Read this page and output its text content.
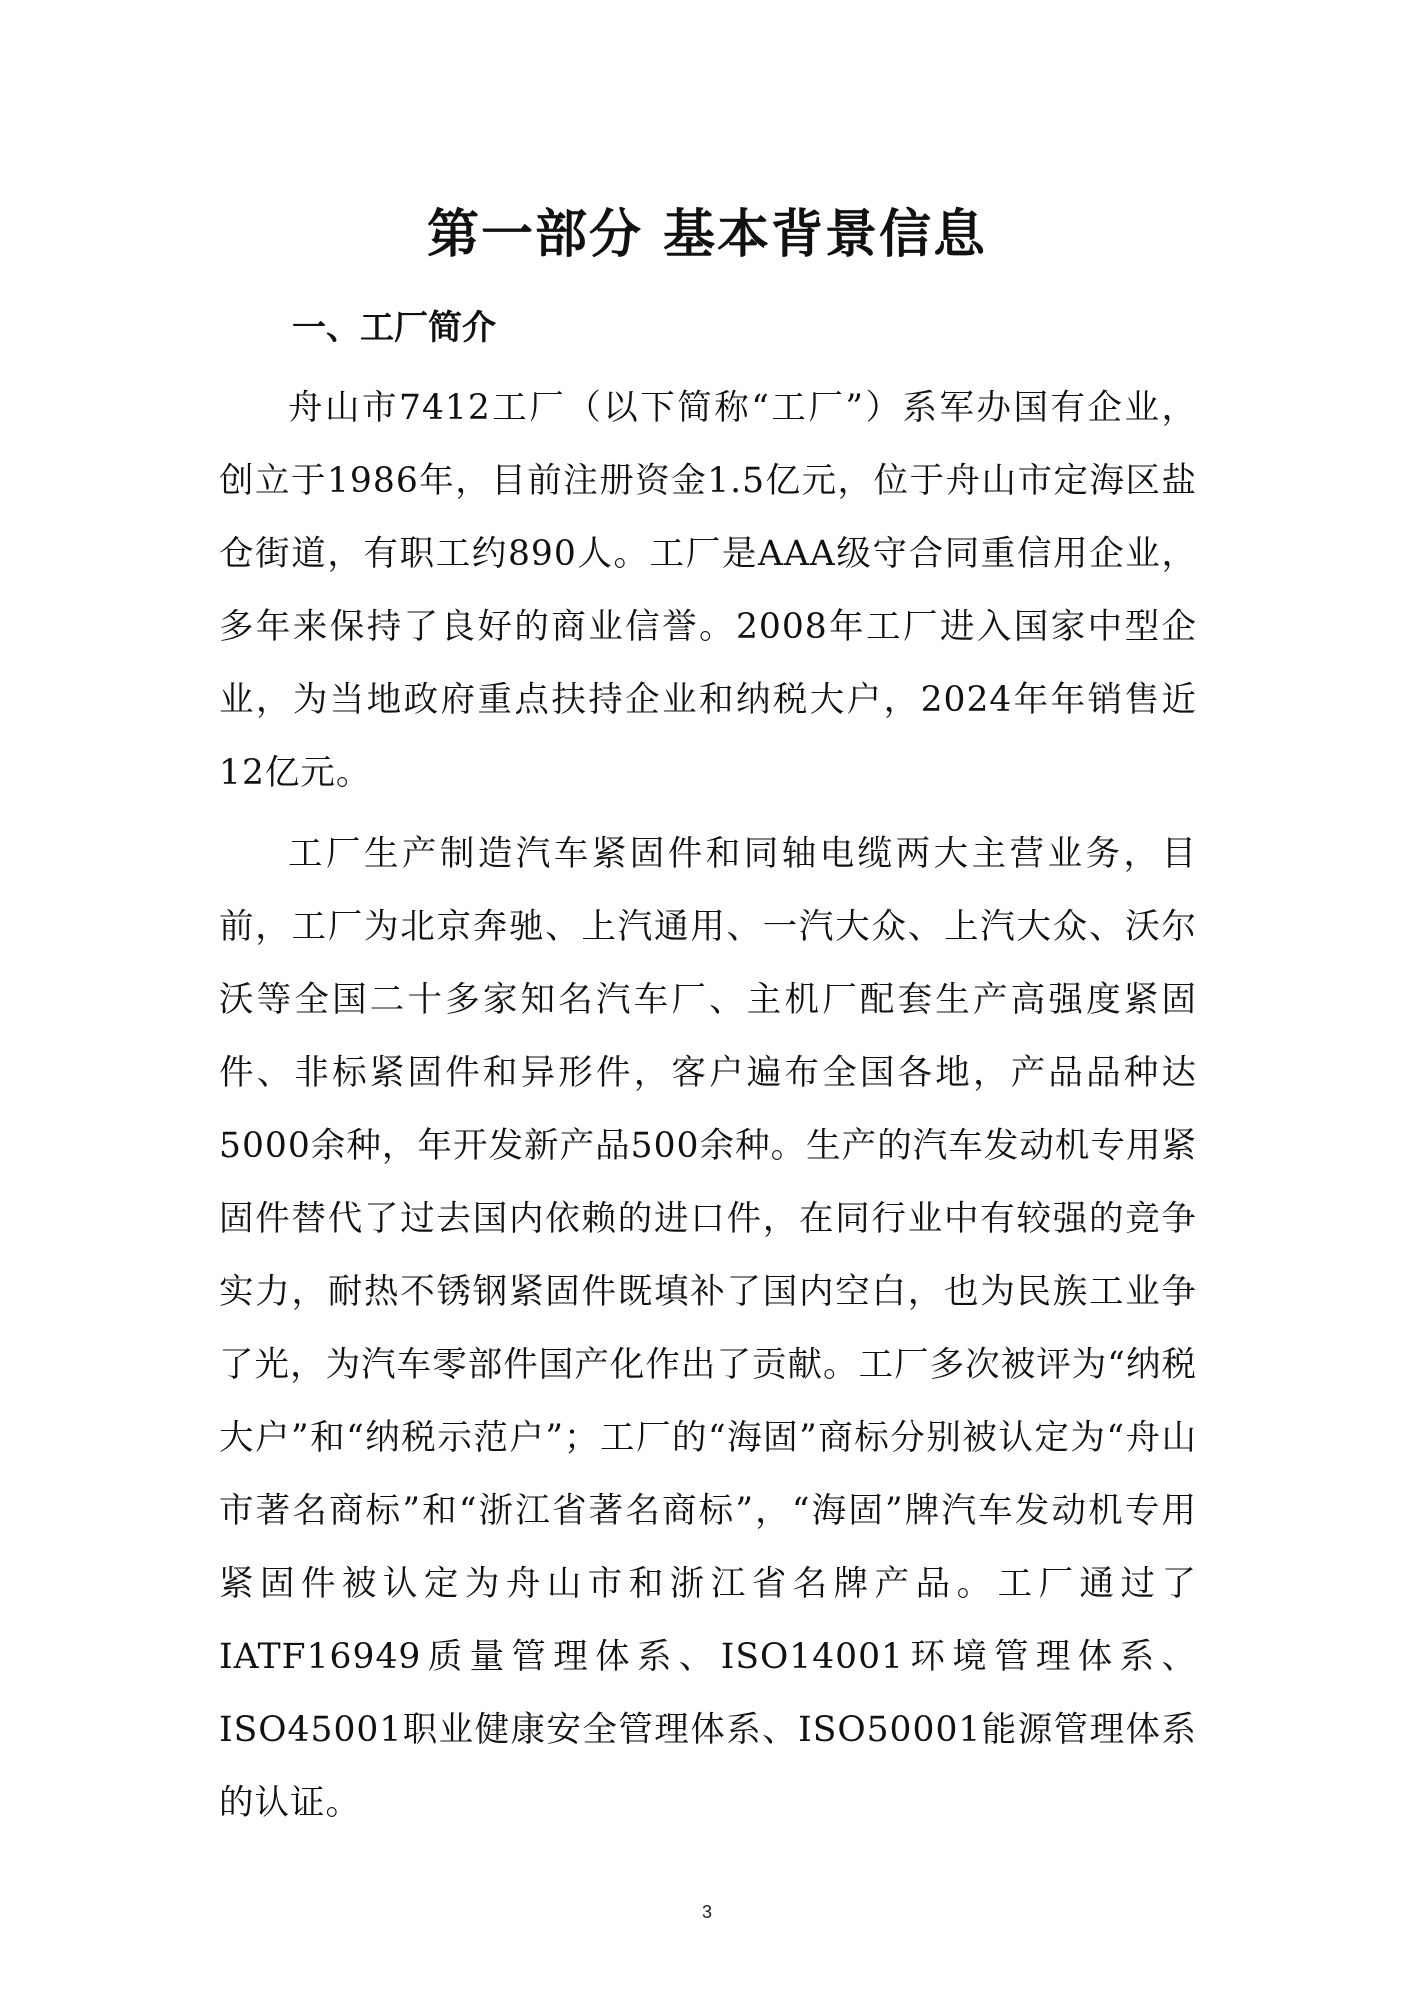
第一部分 基本背景信息
一、工厂简介

舟山市7412工厂（以下简称“工厂”）系军办国有企业，创立于1986年，目前注册资金1.5亿元，位于舟山市定海区盐仓街道，有职工约890人。工厂是AAA级守合同重信用企业，多年来保持了良好的商业信誉。2008年工厂进入国家中型企业，为当地政府重点扶持企业和纳税大户，2024年年销售近12亿元。

工厂生产制造汽车紧固件和同轴电缆两大主营业务，目前，工厂为北京奔驰、上汽通用、一汽大众、上汽大众、沃尔沃等全国二十多家知名汽车厂、主机厂配套生产高强度紧固件、非标紧固件和异形件，客户遍布全国各地，产品品种达5000余种，年开发新产品500余种。生产的汽车发动机专用紧固件替代了过去国内依赖的进口件，在同行业中有较强的竞争实力，耐热不锈钢紧固件既填补了国内空白，也为民族工业争了光，为汽车零部件国产化作出了贡献。工厂多次被评为“纳税大户”和“纳税示范户”；工厂的“海固”商标分别被认定为“舟山市著名商标”和“浙江省著名商标”，“海固”牌汽车发动机专用紧固件被认定为舟山市和浙江省名牌产品。工厂通过了IATF16949质量管理体系、ISO14001环境管理体系、ISO45001职业健康安全管理体系、ISO50001能源管理体系的认证。

3
